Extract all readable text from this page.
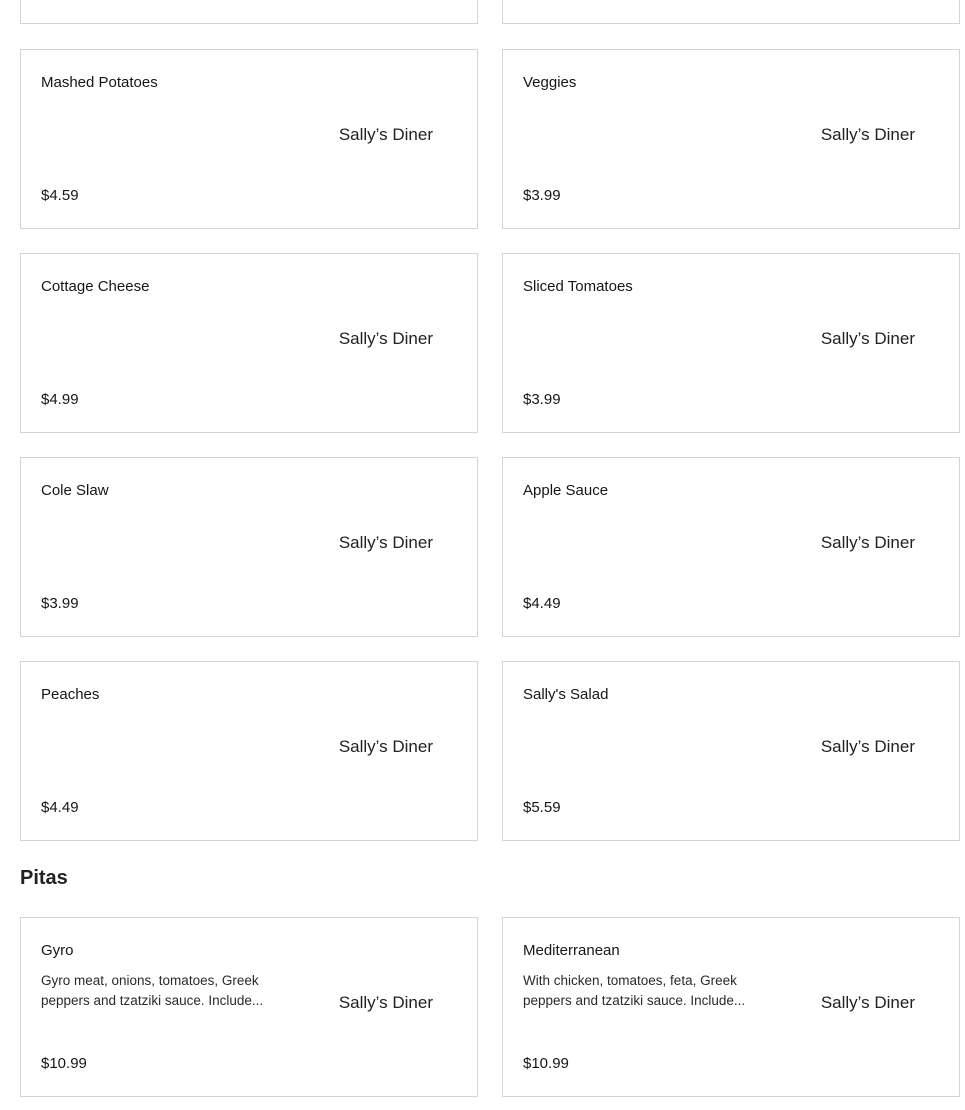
Mashed Potatoes
Sally’s Diner
$4.59
Veggies
Sally’s Diner
$3.99
Cottage Cheese
Sally’s Diner
$4.99
Sliced Tomatoes
Sally’s Diner
$3.99
Cole Slaw
Sally’s Diner
$3.99
Apple Sauce
Sally’s Diner
$4.49
Peaches
Sally’s Diner
$4.49
Sally's Salad
Sally’s Diner
$5.59
Pitas
Gyro
Gyro meat, onions, tomatoes, Greek peppers and tzatziki sauce. Include...	Sally’s Diner
$10.99
Mediterranean
With chicken, tomatoes, feta, Greek peppers and tzatziki sauce. Include...	Sally’s Diner
$10.99
